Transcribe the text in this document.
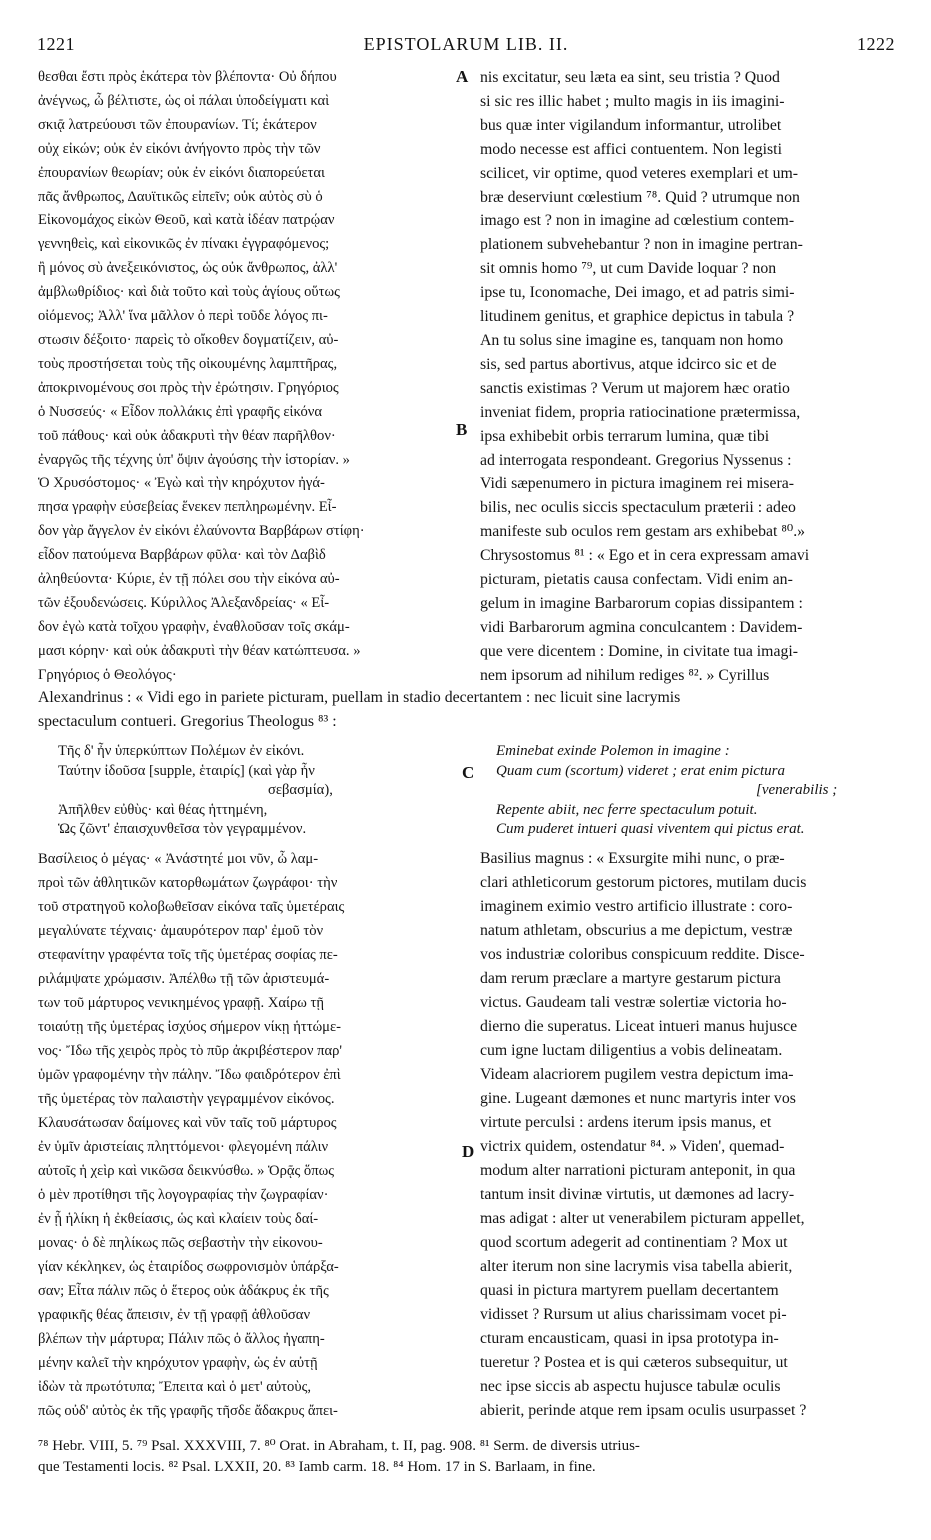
1221	EPISTOLARUM LIB. II.	1222
θεσθαι ἔστι πρὸς ἑκάτερα τὸν βλέποντα· Οὐ δήπου
ἀνέγνως, ὦ βέλτιστε, ὡς οἱ πάλαι ὑποδείγματι καὶ
σκιᾷ λατρεύουσι τῶν ἐπουρανίων. Τί; ἑκάτερον
οὐχ εἰκών; οὐκ ἐν εἰκόνι ἀνήγοντο πρὸς τὴν τῶν
ἐπουρανίων θεωρίαν; οὐκ ἐν εἰκόνι διαπορεύεται
πᾶς ἄνθρωπος, Δαυϊτικῶς εἰπεῖν; οὐκ αὐτὸς σὺ ὁ
Εἰκονομάχος εἰκὼν Θεοῦ, καὶ κατὰ ἰδέαν πατρῴαν
γεννηθεὶς, καὶ εἰκονικῶς ἐν πίνακι ἐγγραφόμενος;
ἢ μόνος σὺ ἀνεξεικόνιστος, ὡς οὐκ ἄνθρωπος, ἀλλ'
ἀμβλωθρίδιος· καὶ διὰ τοῦτο καὶ τοὺς ἁγίους οὕτως
οἰόμενος; Ἀλλ' ἵνα μᾶλλον ὁ περὶ τοῦδε λόγος πι-
στωσιν δέξοιτο· παρεὶς τὸ οἴκοθεν δογματίζειν, αὐ-
τοὺς προστήσεται τοὺς τῆς οἰκουμένης λαμπτῆρας,
ἀποκρινομένους σοι πρὸς τὴν ἐρώτησιν. Γρηγόριος
ὁ Νυσσεύς· « Εἶδον πολλάκις ἐπὶ γραφῆς εἰκόνα
τοῦ πάθους· καὶ οὐκ ἀδακρυτὶ τὴν θέαν παρῆλθον·
ἐναργῶς τῆς τέχνης ὑπ' ὄψιν ἀγούσης τὴν ἱστορίαν. »
Ὁ Χρυσόστομος· « Ἐγὼ καὶ τὴν κηρόχυτον ἠγά-
πησα γραφὴν εὐσεβείας ἕνεκεν πεπληρωμένην. Εἶ-
δον γὰρ ἄγγελον ἐν εἰκόνι ἐλαύνοντα Βαρβάρων στίφη·
εἶδον πατούμενα Βαρβάρων φῦλα· καὶ τὸν Δαβὶδ
ἀληθεύοντα· Κύριε, ἐν τῇ πόλει σου τὴν εἰκόνα αὐ-
τῶν ἐξουδενώσεις. Κύριλλος Ἀλεξανδρείας· « Εἶ-
δον ἐγὼ κατὰ τοῖχου γραφὴν, ἐναθλοῦσαν τοῖς σκάμ-
μασι κόρην· καὶ οὐκ ἀδακρυτὶ τὴν θέαν κατώπτευσα. »
Γρηγόριος ὁ Θεολόγος·
nis excitatur, seu læta ea sint, seu tristia ? Quod
si sic res illic habet ; multo magis in iis imagini-
bus quæ inter vigilandum informantur, utrolibet
modo necesse est affici contuentem. Non legisti
scilicet, vir optime, quod veteres exemplari et um-
bræ deserviunt cœlestium ⁷⁸. Quid ? utrumque non
imago est ? non in imagine ad cœlestium contem-
plationem subvehebantur ? non in imagine pertran-
sit omnis homo ⁷⁹, ut cum Davide loquar ? non
ipse tu, Iconomache, Dei imago, et ad patris simi-
litudinem genitus, et graphice depictus in tabula ?
An tu solus sine imagine es, tanquam non homo
sis, sed partus abortivus, atque idcirco sic et de
sanctis existimas ? Verum ut majorem hæc oratio
inveniat fidem, propria ratiocinatione prætermissa,
ipsa exhibebit orbis terrarum lumina, quæ tibi
ad interrogata respondeant. Gregorius Nyssenus :
Vidi sæpenumero in pictura imaginem rei misera-
bilis, nec oculis siccis spectaculum præterii : adeo
manifeste sub oculos rem gestam ars exhibebat ⁸⁰.»
Chrysostomus ⁸¹ : « Ego et in cera expressam amavi
picturam, pietatis causa confectam. Vidi enim an-
gelum in imagine Barbarorum copias dissipantem :
vidi Barbarorum agmina conculcantem : Davidem-
que vere dicentem : Domine, in civitate tua imagi-
nem ipsorum ad nihilum rediges ⁸². » Cyrillus
A
B
C
D
Alexandrinus : « Vidi ego in pariete picturam, puellam in stadio decertantem : nec licuit sine lacrymis
spectaculum contueri. Gregorius Theologus ⁸³ :
Τῆς δ' ἦν ὑπερκύπτων Πολέμων ἐν εἰκόνι.
Ταύτην ἰδοῦσα [supple, ἑταιρίς] (καὶ γὰρ ἦν
σεβασμία),
Ἀπῆλθεν εὐθὺς· καὶ θέας ἡττημένη,
Ὡς ζῶντ' ἐπαισχυνθεῖσα τὸν γεγραμμένον.
Eminebat exinde Polemon in imagine :
Quam cum (scortum) videret ; erat enim pictura
[venerabilis ;
Repente abiit, nec ferre spectaculum potuit.
Cum puderet intueri quasi viventem qui pictus erat.
Βασίλειος ὁ μέγας· « Ἀνάστητέ μοι νῦν, ὦ λαμ-
προὶ τῶν ἀθλητικῶν κατορθωμάτων ζωγράφοι· τὴν
τοῦ στρατηγοῦ κολοβωθεῖσαν εἰκόνα ταῖς ὑμετέραις
μεγαλύνατε τέχναις· ἀμαυρότερον παρ' ἐμοῦ τὸν
στεφανίτην γραφέντα τοῖς τῆς ὑμετέρας σοφίας πε-
ριλάμψατε χρώμασιν. Ἀπέλθω τῇ τῶν ἀριστευμά-
των τοῦ μάρτυρος νενικημένος γραφῇ. Χαίρω τῇ
τοιαύτῃ τῆς ὑμετέρας ἰσχύος σήμερον νίκῃ ἡττώμε-
νος· Ἴδω τῆς χειρὸς πρὸς τὸ πῦρ ἀκριβέστερον παρ'
ὑμῶν γραφομένην τὴν πάλην. Ἴδω φαιδρότερον ἐπὶ
τῆς ὑμετέρας τὸν παλαιστὴν γεγραμμένον εἰκόνος.
Κλαυσάτωσαν δαίμονες καὶ νῦν ταῖς τοῦ μάρτυρος
ἐν ὑμῖν ἀριστείαις πληττόμενοι· φλεγομένη πάλιν
αὐτοῖς ἡ χεὶρ καὶ νικῶσα δεικνύσθω. » Ὁρᾷς ὅπως
ὁ μὲν προτίθησι τῆς λογογραφίας τὴν ζωγραφίαν·
ἐν ᾗ ἡλίκη ἡ ἐκθείασις, ὡς καὶ κλαίειν τοὺς δαί-
μονας· ὁ δὲ πηλίκως πῶς σεβαστὴν τὴν εἰκονου-
γίαν κέκληκεν, ὡς ἑταιρίδος σωφρονισμὸν ὑπάρξα-
σαν; Εἶτα πάλιν πῶς ὁ ἕτερος οὐκ ἀδάκρυς ἐκ τῆς
γραφικῆς θέας ἄπεισιν, ἐν τῇ γραφῇ ἀθλοῦσαν
βλέπων τὴν μάρτυρα; Πάλιν πῶς ὁ ἄλλος ἠγαπη-
μένην καλεῖ τὴν κηρόχυτον γραφὴν, ὡς ἐν αὐτῇ
ἰδὼν τὰ πρωτότυπα; Ἔπειτα καὶ ὁ μετ' αὐτοὺς,
πῶς οὐδ' αὐτὸς ἐκ τῆς γραφῆς τῆσδε ἄδακρυς ἄπει-
Basilius magnus : « Exsurgite mihi nunc, o præ-
clari athleticorum gestorum pictores, mutilam ducis
imaginem eximio vestro artificio illustrate : coro-
natum athletam, obscurius a me depictum, vestræ
vos industriæ coloribus conspicuum reddite. Disce-
dam rerum præclare a martyre gestarum pictura
victus. Gaudeam tali vestræ solertiæ victoria ho-
dierno die superatus. Liceat intueri manus hujusce
cum igne luctam diligentius a vobis delineatam.
Videam alacriorem pugilem vestra depictum ima-
gine. Lugeant dæmones et nunc martyris inter vos
virtute perculsi : ardens iterum ipsis manus, et
victrix quidem, ostendatur ⁸⁴. » Viden', quemad-
modum alter narrationi picturam anteponit, in qua
tantum insit divinæ virtutis, ut dæmones ad lacry-
mas adigat : alter ut venerabilem picturam appellet,
quod scortum adegerit ad continentiam ? Mox ut
alter iterum non sine lacrymis visa tabella abierit,
quasi in pictura martyrem puellam decertantem
vidisset ? Rursum ut alius charissimam vocet pi-
cturam encausticam, quasi in ipsa prototypa in-
tueretur ? Postea et is qui cæteros subsequitur, ut
nec ipse siccis ab aspectu hujusce tabulæ oculis
abierit, perinde atque rem ipsam oculis usurpasset ?
⁷⁸ Hebr. VIII, 5. ⁷⁹ Psal. XXXVIII, 7. ⁸⁰ Orat. in Abraham, t. II, pag. 908. ⁸¹ Serm. de diversis utrius-
que Testamenti locis. ⁸² Psal. LXXII, 20. ⁸³ Iamb carm. 18. ⁸⁴ Hom. 17 in S. Barlaam, in fine.
